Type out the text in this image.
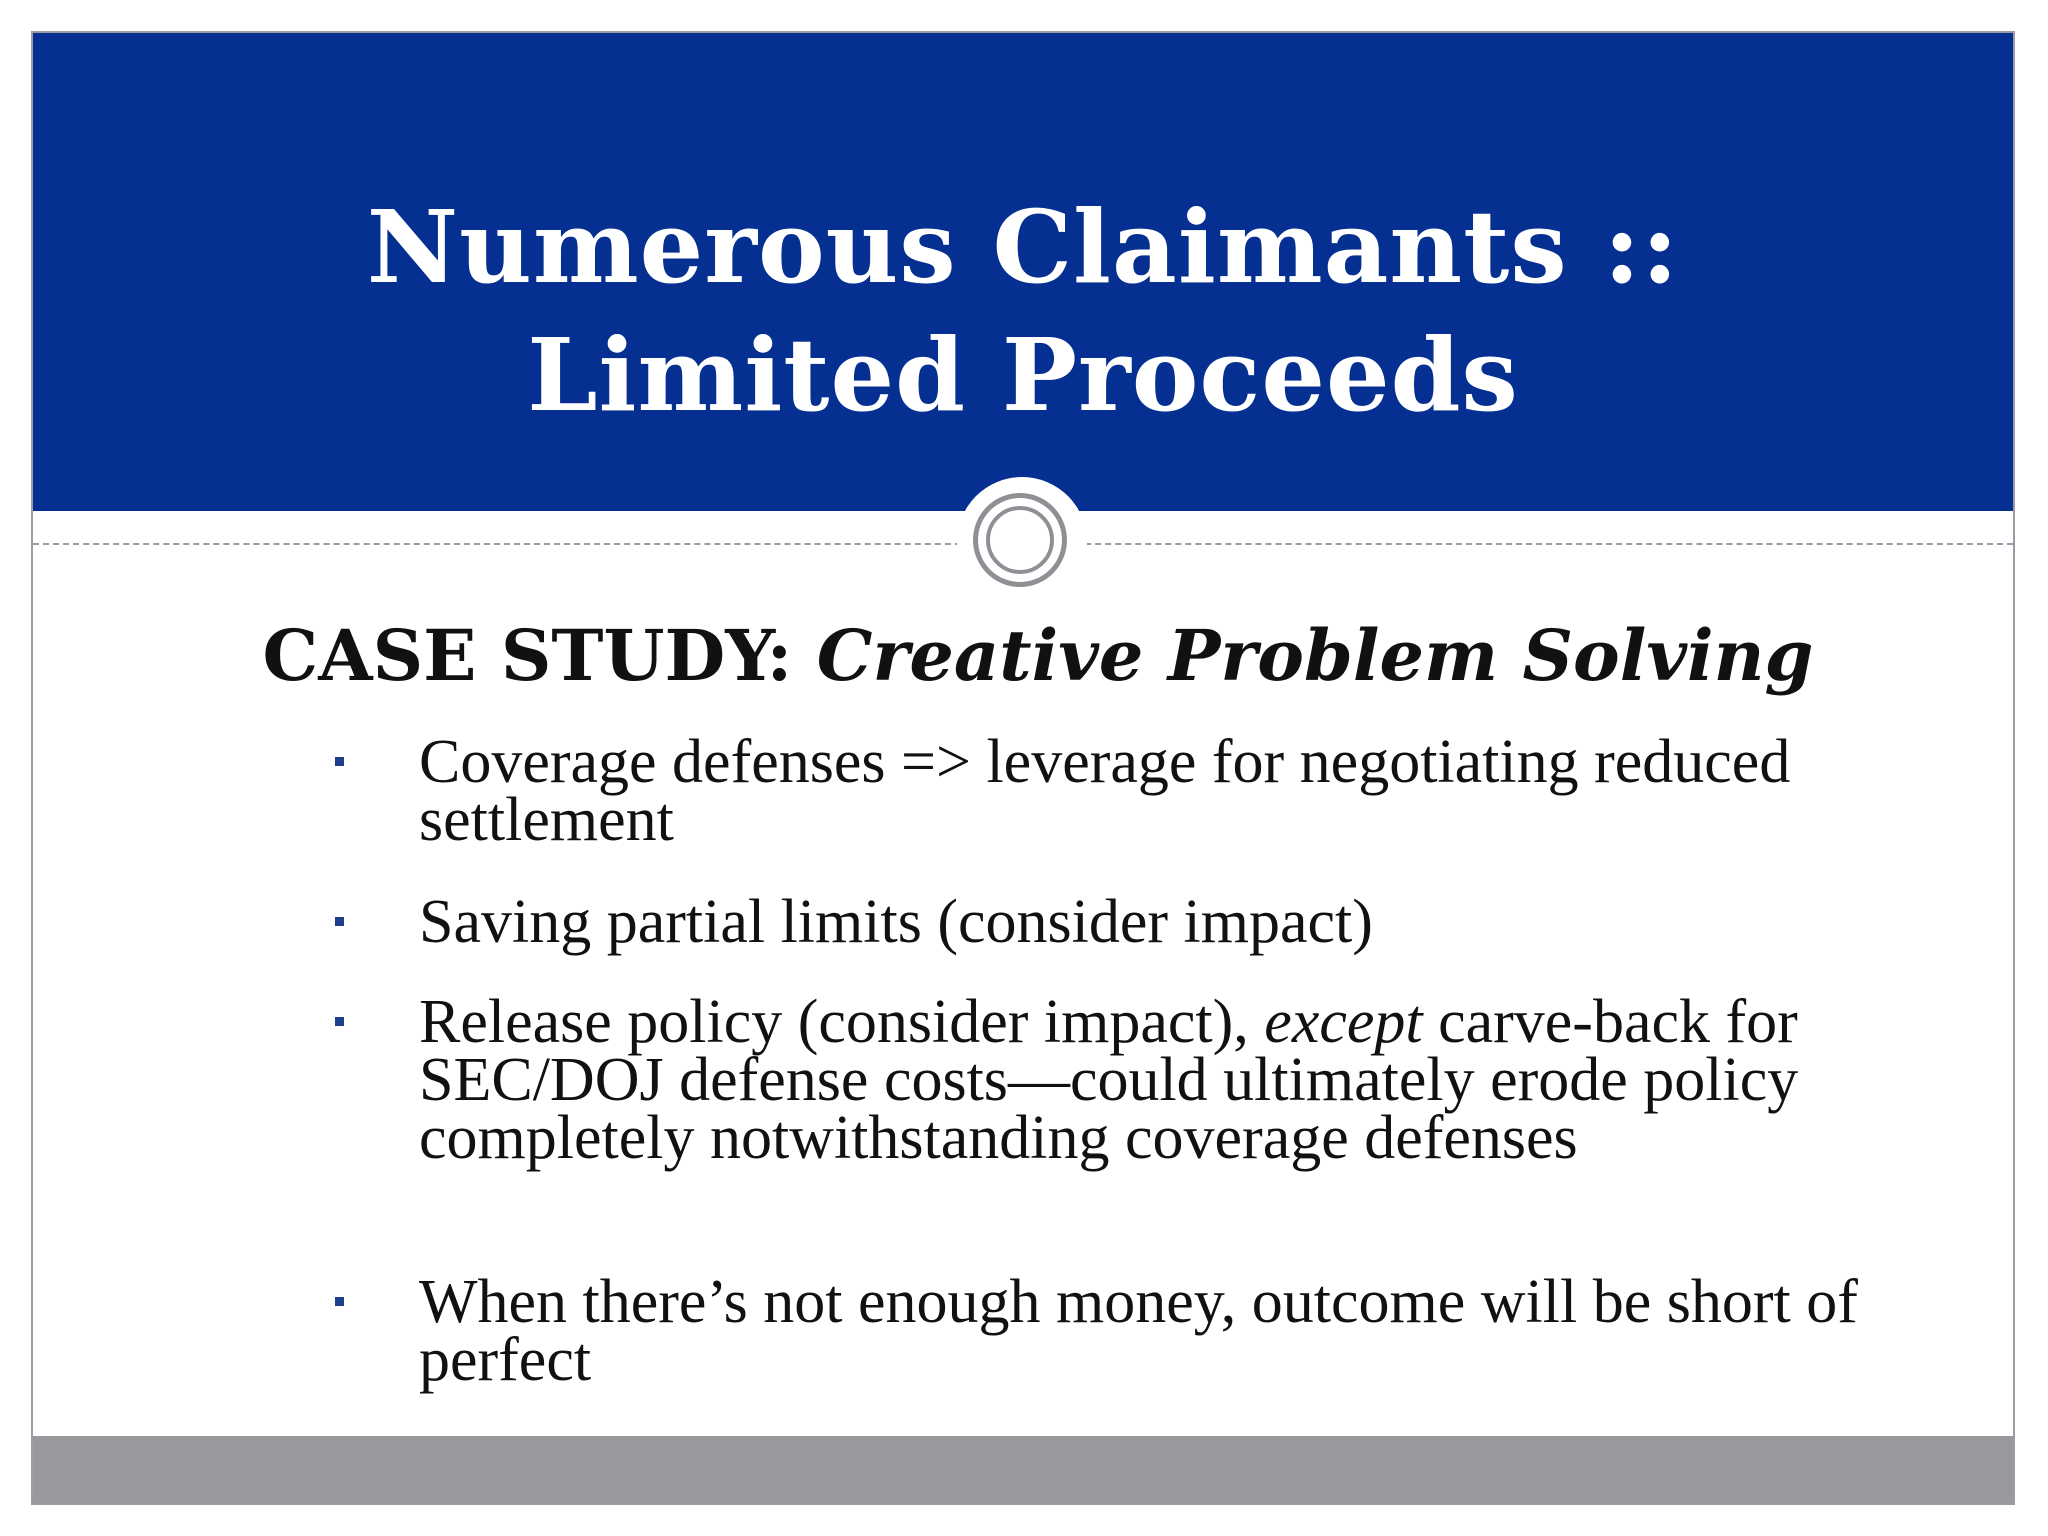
Numerous Claimants ::
Limited Proceeds
CASE STUDY: Creative Problem Solving
Coverage defenses => leverage for negotiating reduced settlement
Saving partial limits (consider impact)
Release policy (consider impact), except carve-back for SEC/DOJ defense costs—could ultimately erode policy completely notwithstanding coverage defenses
When there’s not enough money, outcome will be short of perfect
